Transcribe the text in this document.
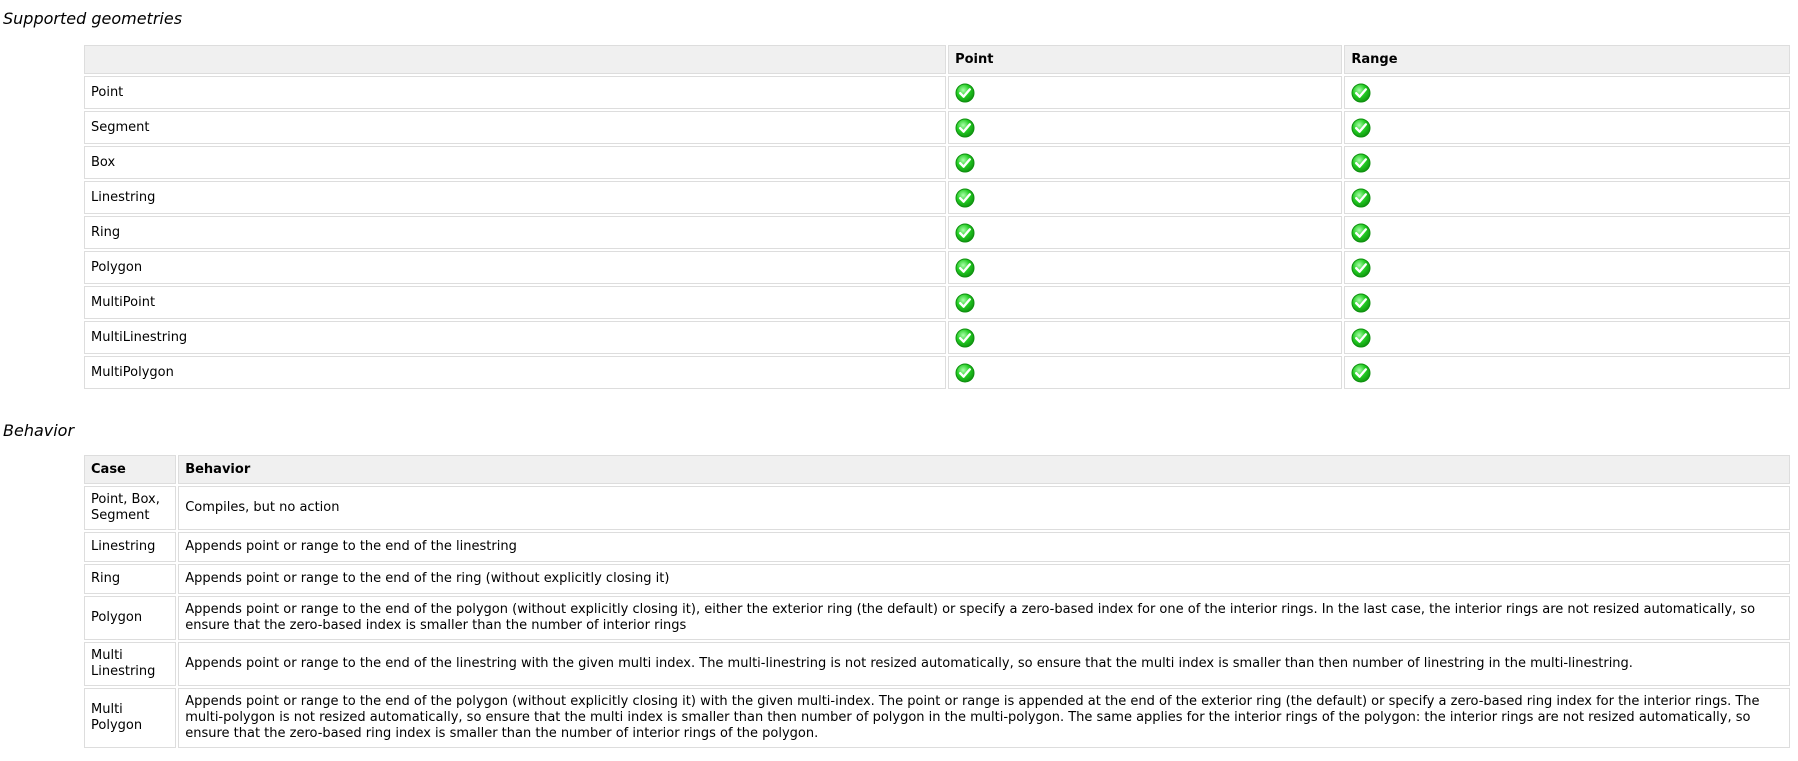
Supported geometries
	Point	Range
Point	

Segment	

Box	

Linestring	

Ring	

Polygon	

MultiPoint	

MultiLinestring	

MultiPolygon	

Behavior
Case	Behavior
Point, Box, Segment	Compiles, but no action
Linestring	Appends point or range to the end of the linestring
Ring	Appends point or range to the end of the ring (without explicitly closing it)
Polygon	Appends point or range to the end of the polygon (without explicitly closing it), either the exterior ring (the default) or specify a zero-based index for one of the interior rings. In the last case, the interior rings are not resized automatically, so ensure that the zero-based index is smaller than the number of interior rings
Multi Linestring	Appends point or range to the end of the linestring with the given multi index. The multi-linestring is not resized automatically, so ensure that the multi index is smaller than then number of linestring in the multi-linestring.
Multi Polygon	Appends point or range to the end of the polygon (without explicitly closing it) with the given multi-index. The point or range is appended at the end of the exterior ring (the default) or specify a zero-based ring index for the interior rings. The multi-polygon is not resized automatically, so ensure that the multi index is smaller than then number of polygon in the multi-polygon. The same applies for the interior rings of the polygon: the interior rings are not resized automatically, so ensure that the zero-based ring index is smaller than the number of interior rings of the polygon.
